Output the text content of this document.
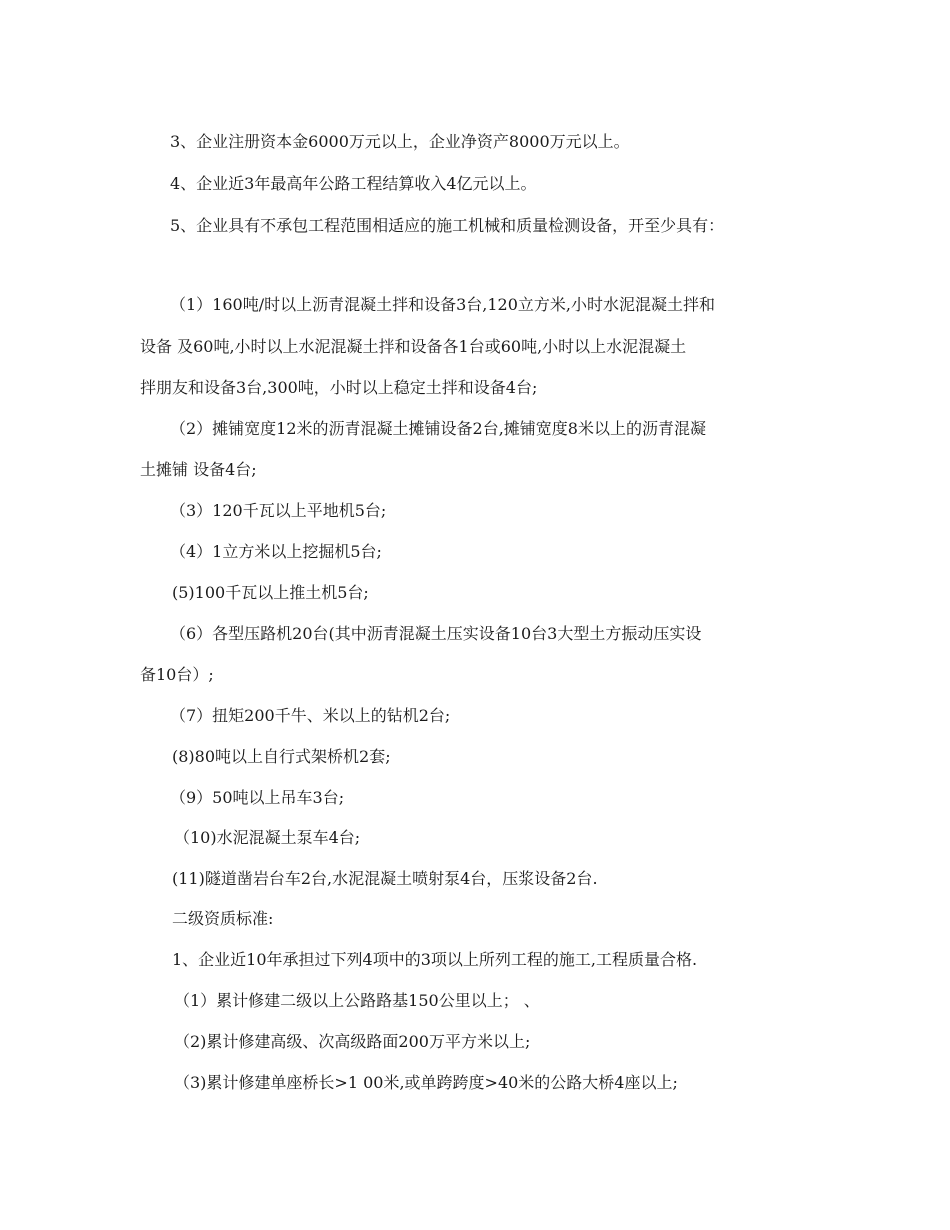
3、企业注册资本金6000万元以上，企业净资产8000万元以上。

4、企业近3年最高年公路工程结算收入4亿元以上。

5、企业具有不承包工程范围相适应的施工机械和质量检测设备，开至少具有：

（1）160吨/时以上沥青混凝土拌和设备3台,120立方米,小时水泥混凝土拌和

设备 及60吨,小时以上水泥混凝土拌和设备各1台或60吨,小时以上水泥混凝土

拌朋友和设备3台,300吨，小时以上稳定土拌和设备4台;

（2）摊铺宽度12米的沥青混凝土摊铺设备2台,摊铺宽度8米以上的沥青混凝

土摊铺 设备4台;

（3）120千瓦以上平地机5台;

（4）1立方米以上挖掘机5台;

(5)100千瓦以上推土机5台;

（6）各型压路机20台(其中沥青混凝土压实设备10台3大型土方振动压实设

备10台）;

（7）扭矩200千牛、米以上的钻机2台;

(8)80吨以上自行式架桥机2套;

（9）50吨以上吊车3台;

（10)水泥混凝土泵车4台;

(11)隧道凿岩台车2台,水泥混凝土喷射泵4台，压浆设备2台.

二级资质标准:

1、企业近10年承担过下列4项中的3项以上所列工程的施工,工程质量合格.

（1）累计修建二级以上公路路基150公里以上； 、

（2)累计修建高级、次高级路面200万平方米以上;

（3)累计修建单座桥长>1 00米,或单跨跨度>40米的公路大桥4座以上;
